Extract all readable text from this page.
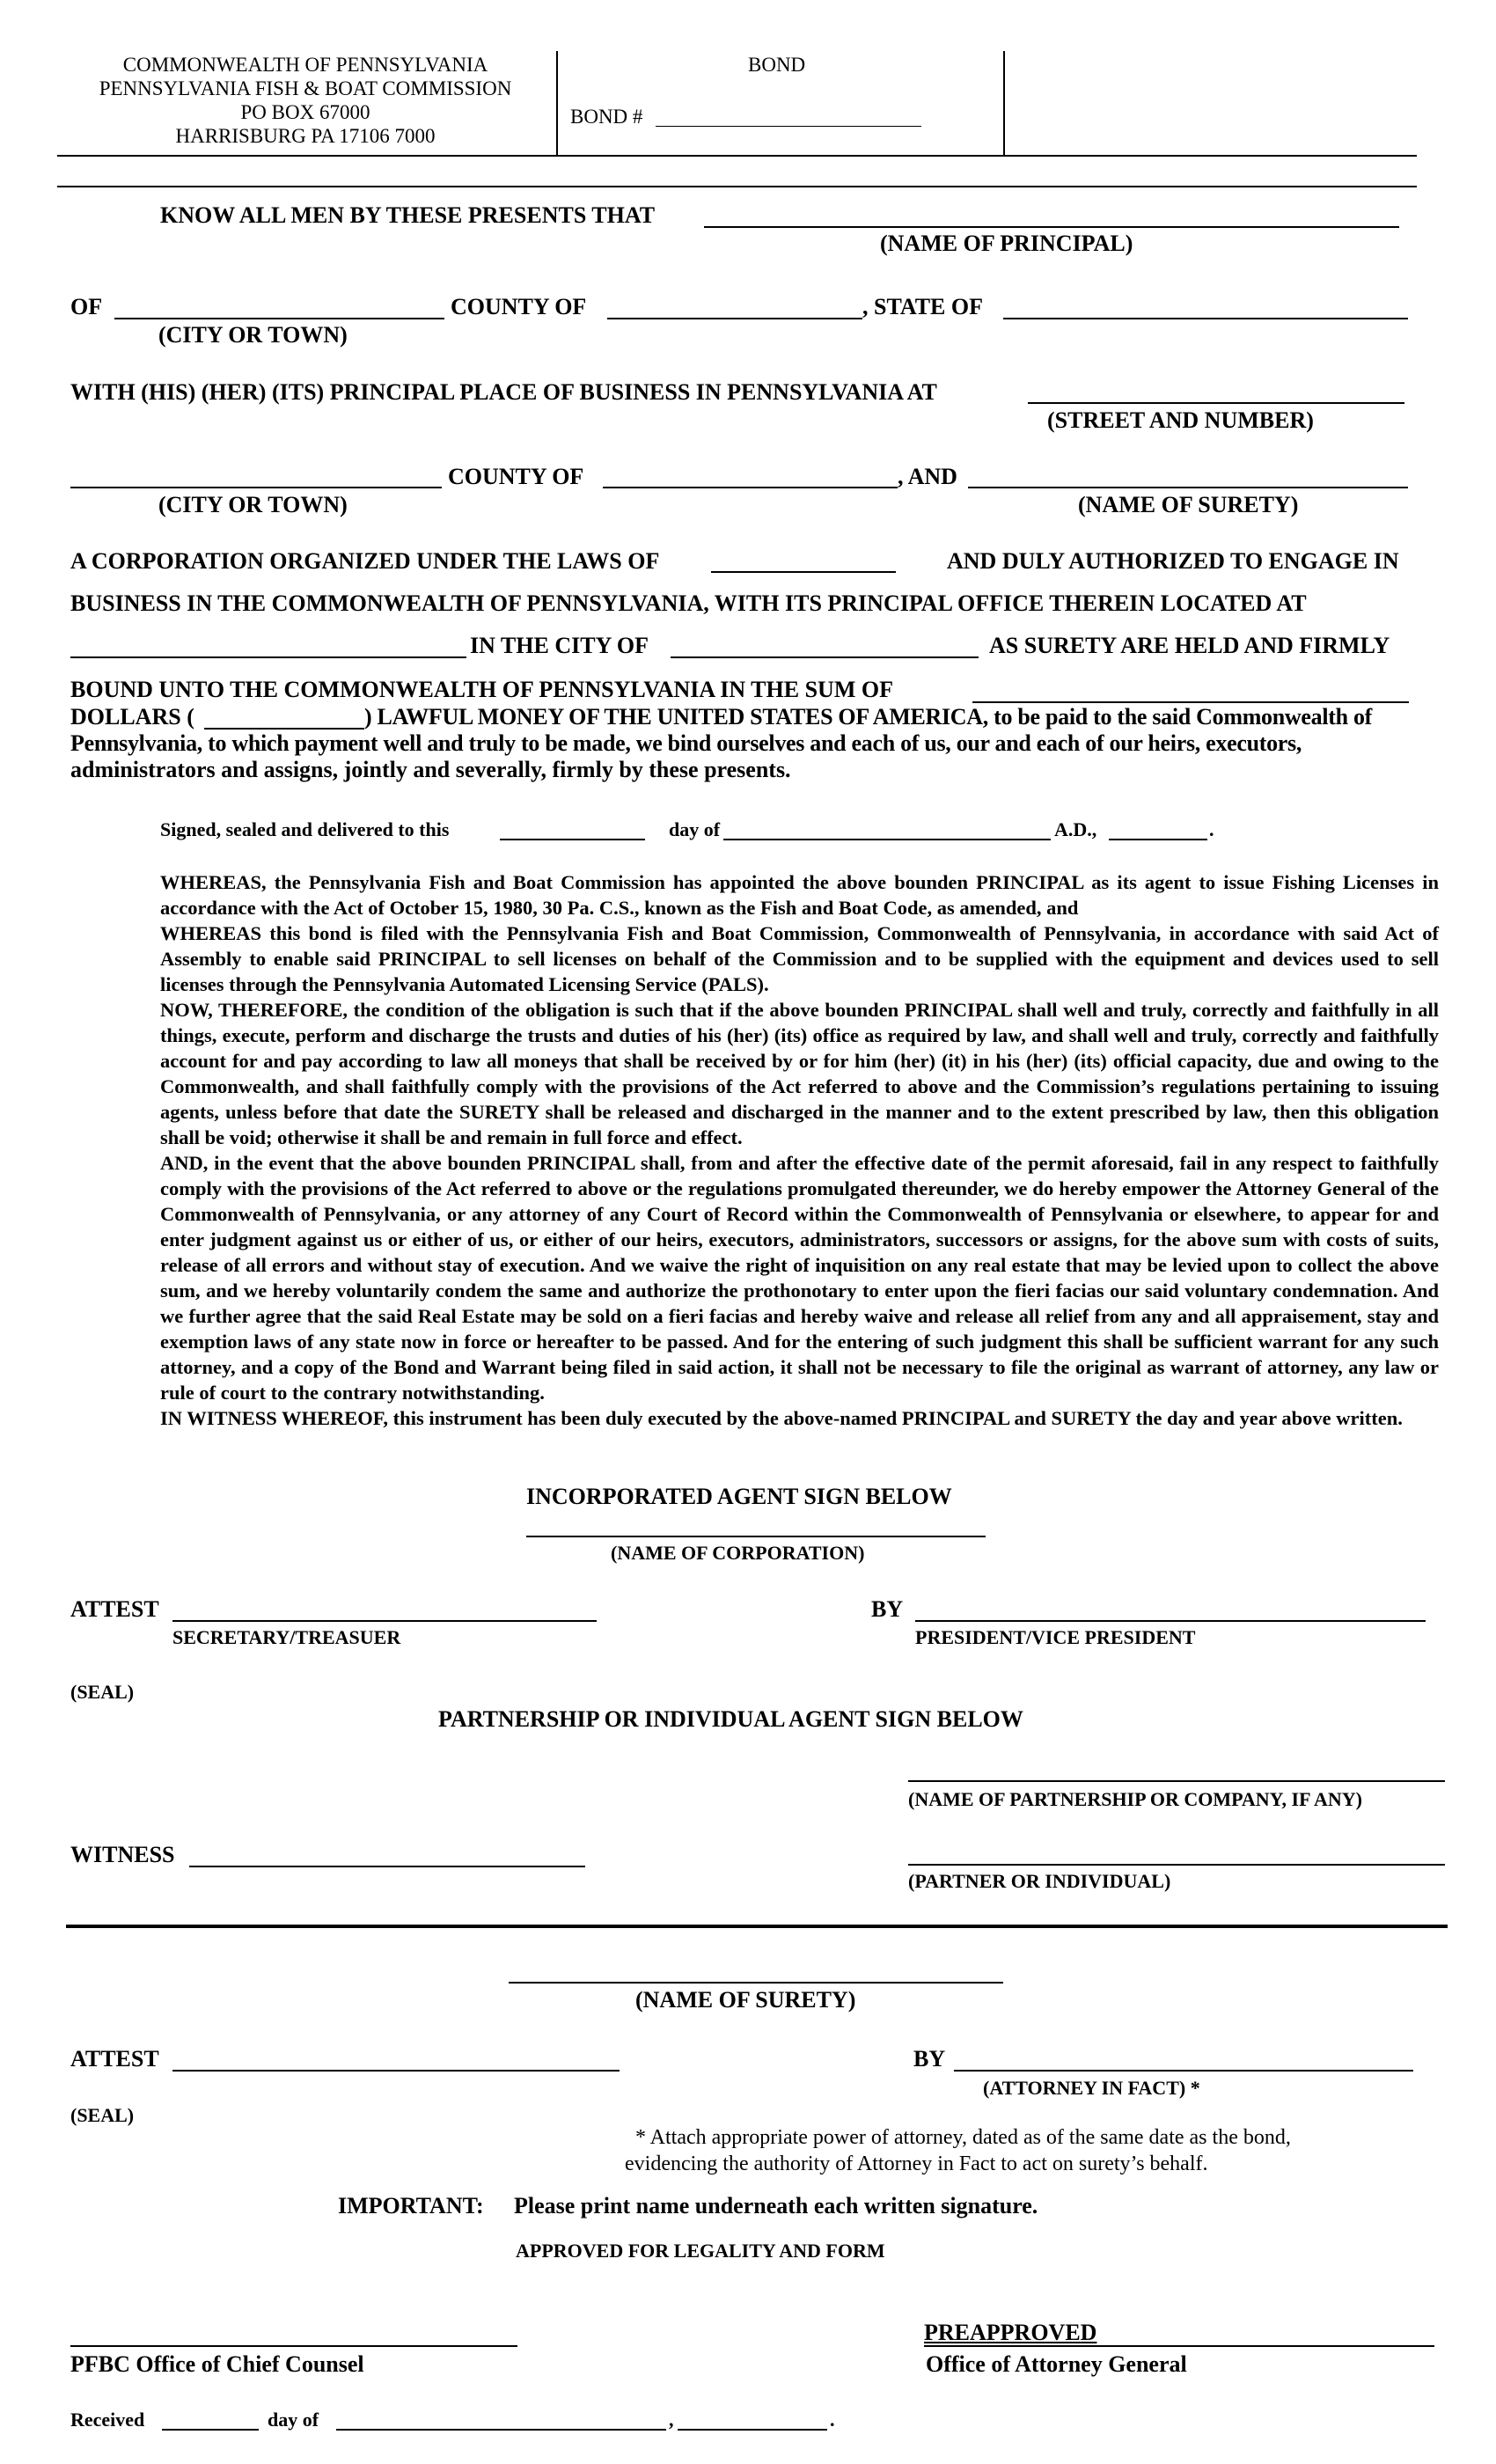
COMMONWEALTH OF PENNSYLVANIA
PENNSYLVANIA FISH & BOAT COMMISSION
PO BOX 67000
HARRISBURG PA 17106 7000
BOND
BOND #
KNOW ALL MEN BY THESE PRESENTS THAT
(NAME OF PRINCIPAL)
OF	COUNTY OF	, STATE OF
(CITY OR TOWN)
WITH (HIS) (HER) (ITS) PRINCIPAL PLACE OF BUSINESS IN PENNSYLVANIA AT
(STREET AND NUMBER)
COUNTY OF	, AND
(CITY OR TOWN)	(NAME OF SURETY)
A CORPORATION ORGANIZED UNDER THE LAWS OF	AND DULY AUTHORIZED TO ENGAGE IN
BUSINESS IN THE COMMONWEALTH OF PENNSYLVANIA, WITH ITS PRINCIPAL OFFICE THEREIN LOCATED AT
IN THE CITY OF	AS SURETY ARE HELD AND FIRMLY
BOUND UNTO THE COMMONWEALTH OF PENNSYLVANIA IN THE SUM OF
DOLLARS (	) LAWFUL MONEY OF THE UNITED STATES OF AMERICA, to be paid to the said Commonwealth of
Pennsylvania, to which payment well and truly to be made, we bind ourselves and each of us, our and each of our heirs, executors,
administrators and assigns, jointly and severally, firmly by these presents.
Signed, sealed and delivered to this	day of	A.D.,	.
WHEREAS, the Pennsylvania Fish and Boat Commission has appointed the above bounden PRINCIPAL as its agent to issue Fishing Licenses in accordance with the Act of October 15, 1980, 30 Pa. C.S., known as the Fish and Boat Code, as amended, and
WHEREAS this bond is filed with the Pennsylvania Fish and Boat Commission, Commonwealth of Pennsylvania, in accordance with said Act of Assembly to enable said PRINCIPAL to sell licenses on behalf of the Commission and to be supplied with the equipment and devices used to sell licenses through the Pennsylvania Automated Licensing Service (PALS).
NOW, THEREFORE, the condition of the obligation is such that if the above bounden PRINCIPAL shall well and truly, correctly and faithfully in all things, execute, perform and discharge the trusts and duties of his (her) (its) office as required by law, and shall well and truly, correctly and faithfully account for and pay according to law all moneys that shall be received by or for him (her) (it) in his (her) (its) official capacity, due and owing to the Commonwealth, and shall faithfully comply with the provisions of the Act referred to above and the Commission’s regulations pertaining to issuing agents, unless before that date the SURETY shall be released and discharged in the manner and to the extent prescribed by law, then this obligation shall be void; otherwise it shall be and remain in full force and effect.
AND, in the event that the above bounden PRINCIPAL shall, from and after the effective date of the permit aforesaid, fail in any respect to faithfully comply with the provisions of the Act referred to above or the regulations promulgated thereunder, we do hereby empower the Attorney General of the Commonwealth of Pennsylvania, or any attorney of any Court of Record within the Commonwealth of Pennsylvania or elsewhere, to appear for and enter judgment against us or either of us, or either of our heirs, executors, administrators, successors or assigns, for the above sum with costs of suits, release of all errors and without stay of execution. And we waive the right of inquisition on any real estate that may be levied upon to collect the above sum, and we hereby voluntarily condem the same and authorize the prothonotary to enter upon the fieri facias our said voluntary condemnation. And we further agree that the said Real Estate may be sold on a fieri facias and hereby waive and release all relief from any and all appraisement, stay and exemption laws of any state now in force or hereafter to be passed. And for the entering of such judgment this shall be sufficient warrant for any such attorney, and a copy of the Bond and Warrant being filed in said action, it shall not be necessary to file the original as warrant of attorney, any law or rule of court to the contrary notwithstanding.
IN WITNESS WHEREOF, this instrument has been duly executed by the above-named PRINCIPAL and SURETY the day and year above written.
INCORPORATED AGENT SIGN BELOW
(NAME OF CORPORATION)
ATTEST
SECRETARY/TREASUER
BY
PRESIDENT/VICE PRESIDENT
(SEAL)
PARTNERSHIP OR INDIVIDUAL AGENT SIGN BELOW
(NAME OF PARTNERSHIP OR COMPANY, IF ANY)
WITNESS
(PARTNER OR INDIVIDUAL)
(NAME OF SURETY)
ATTEST	BY
(ATTORNEY IN FACT) *
(SEAL)
* Attach appropriate power of attorney, dated as of the same date as the bond,
evidencing the authority of Attorney in Fact to act on surety’s behalf.
IMPORTANT: Please print name underneath each written signature.
APPROVED FOR LEGALITY AND FORM
PFBC Office of Chief Counsel
PREAPPROVED
Office of Attorney General
Received	day of	,	.
